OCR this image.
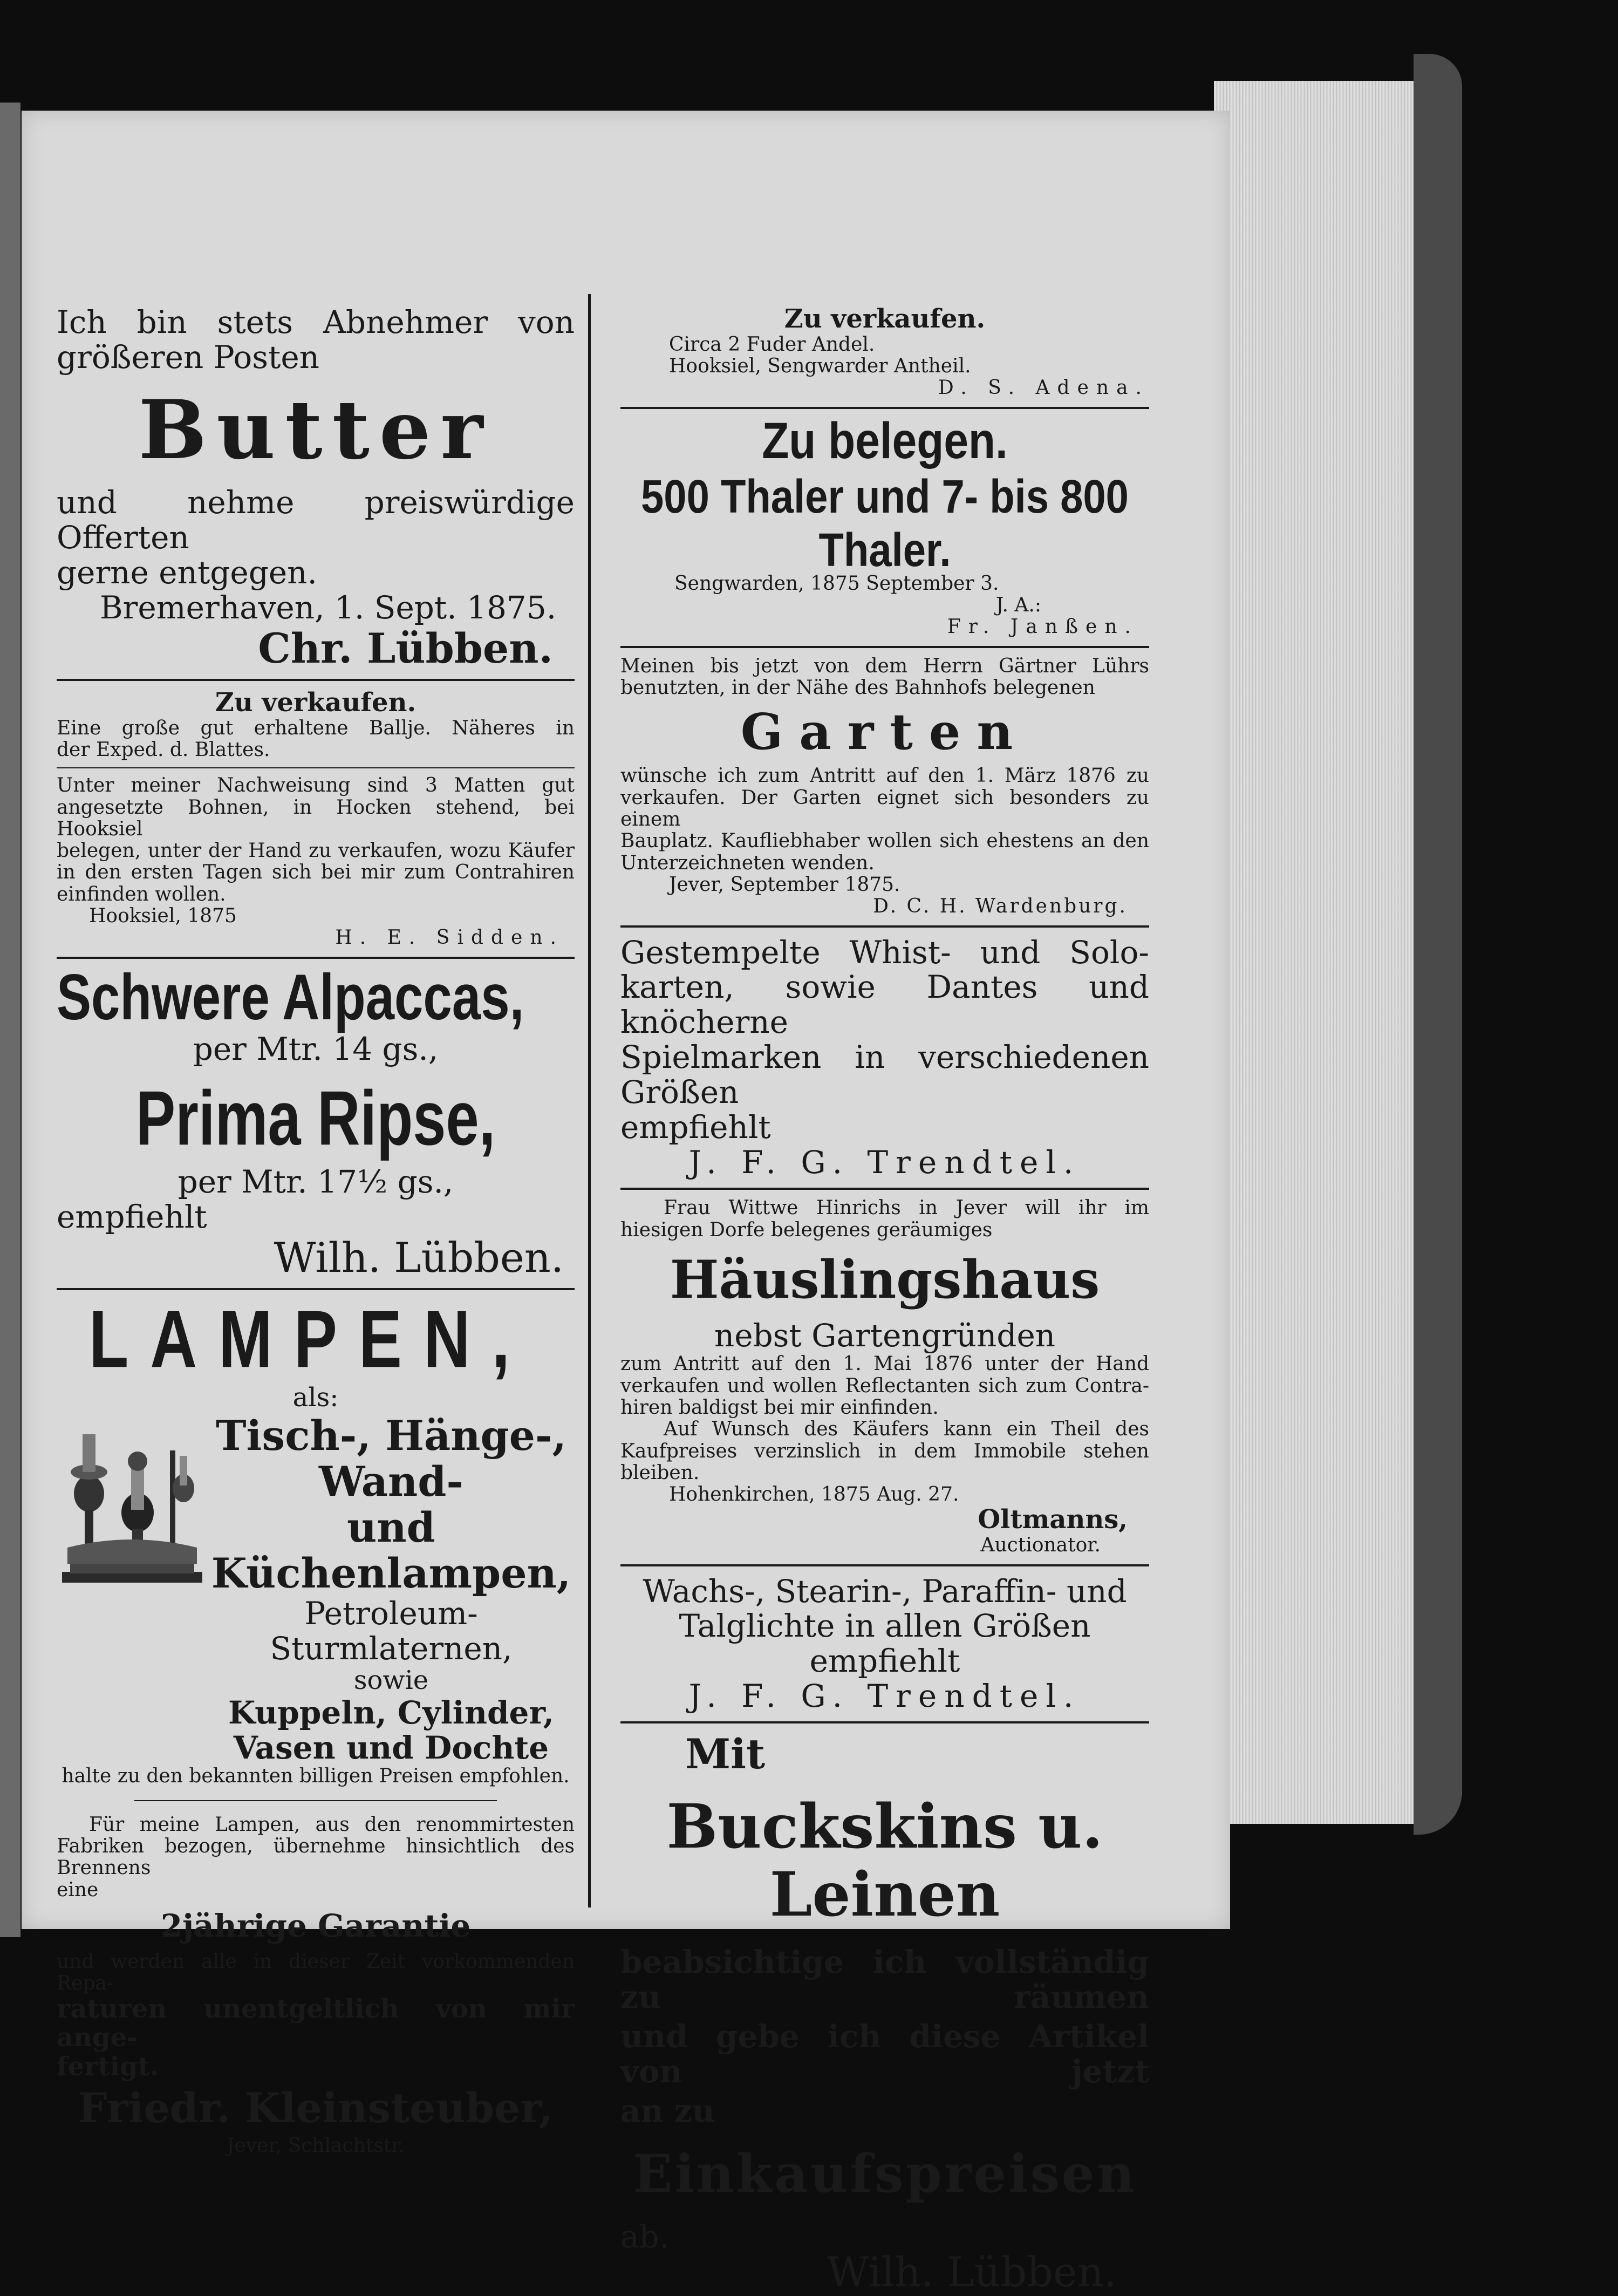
Ich bin stets Abnehmer von

größeren Posten

Butter

und nehme preiswürdige Offerten

gerne entgegen.

Bremerhaven, 1. Sept. 1875.

Chr. Lübben.

Zu verkaufen.

Eine große gut erhaltene Ballje. Näheres in

der Exped. d. Blattes.

Unter meiner Nachweisung sind 3 Matten gut

angesetzte Bohnen, in Hocken stehend, bei Hooksiel

belegen, unter der Hand zu verkaufen, wozu Käufer

in den ersten Tagen sich bei mir zum Contrahiren

einfinden wollen.

Hooksiel, 1875

H. E. Sidden.

Schwere Alpaccas,

per Mtr. 14 gs.,

Prima Ripse,

per Mtr. 17½ gs.,

empfiehlt

Wilh. Lübben.

LAMPEN,

als:

Tisch-, Hänge-, Wand-

und Küchenlampen,

Petroleum-Sturmlaternen,

sowie

Kuppeln, Cylinder,

Vasen und Dochte

halte zu den bekannten billigen Preisen empfohlen.

Für meine Lampen, aus den renommirtesten

Fabriken bezogen, übernehme hinsichtlich des Brennens

eine

2jährige Garantie

und werden alle in dieser Zeit vorkommenden Repa-

raturen unentgeltlich von mir ange-

fertigt.

Friedr. Kleinsteuber,

Jever, Schlachtstr.

Zu verkaufen.

Circa 2 Fuder Andel.

Hooksiel, Sengwarder Antheil.

D. S. Adena.

Zu belegen.

500 Thaler und 7- bis 800

Thaler.

Sengwarden, 1875 September 3.

J. A.:

Fr. Janßen.

Meinen bis jetzt von dem Herrn Gärtner Lührs

benutzten, in der Nähe des Bahnhofs belegenen

Garten

wünsche ich zum Antritt auf den 1. März 1876 zu

verkaufen. Der Garten eignet sich besonders zu einem

Bauplatz. Kaufliebhaber wollen sich ehestens an den

Unterzeichneten wenden.

Jever, September 1875.

D. C. H. Wardenburg.

Gestempelte Whist- und Solo-

karten, sowie Dantes und knöcherne

Spielmarken in verschiedenen Größen

empfiehlt

J. F. G. Trendtel.

Frau Wittwe Hinrichs in Jever will ihr im

hiesigen Dorfe belegenes geräumiges

Häuslingshaus

nebst Gartengründen

zum Antritt auf den 1. Mai 1876 unter der Hand

verkaufen und wollen Reflectanten sich zum Contra-

hiren baldigst bei mir einfinden.

Auf Wunsch des Käufers kann ein Theil des

Kaufpreises verzinslich in dem Immobile stehen bleiben.

Hohenkirchen, 1875 Aug. 27.

Oltmanns,

Auctionator.

Wachs-, Stearin-, Paraffin- und

Talglichte in allen Größen empfiehlt

J. F. G. Trendtel.

Mit

Buckskins u. Leinen

beabsichtige ich vollständig zu räumen

und gebe ich diese Artikel von jetzt

an zu

Einkaufspreisen

ab.

Wilh. Lübben.
